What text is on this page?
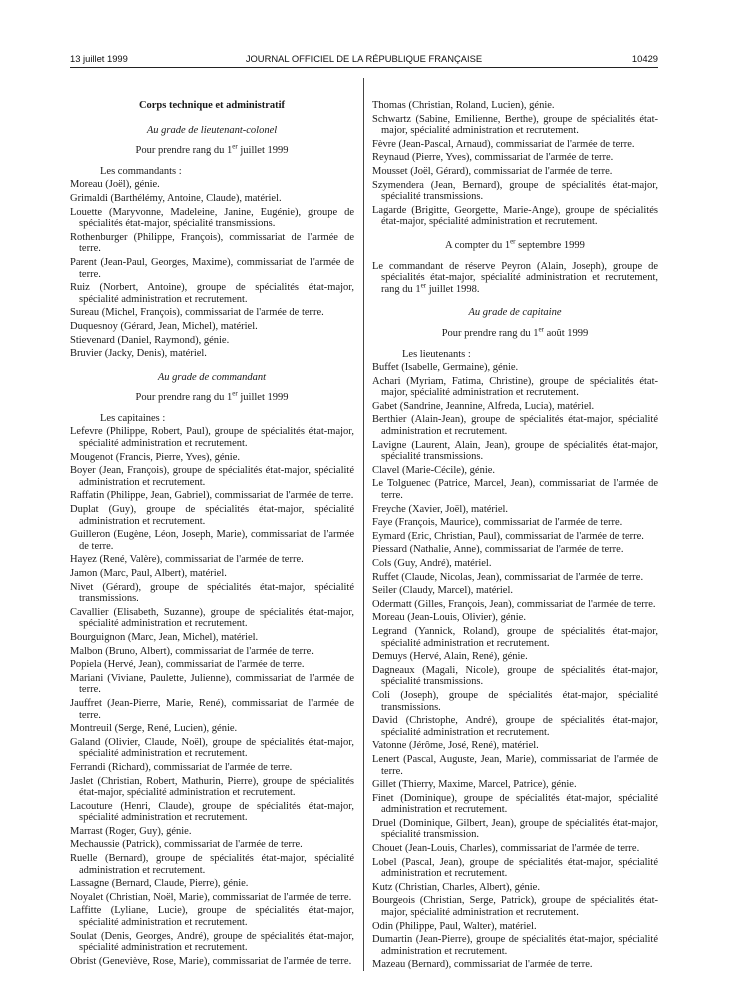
13 juillet 1999	JOURNAL OFFICIEL DE LA RÉPUBLIQUE FRANÇAISE	10429
Corps technique et administratif
Au grade de lieutenant-colonel
Pour prendre rang du 1er juillet 1999
Les commandants :
Moreau (Joël), génie.
Grimaldi (Barthélémy, Antoine, Claude), matériel.
Louette (Maryvonne, Madeleine, Janine, Eugénie), groupe de spécialités état-major, spécialité transmissions.
Rothenburger (Philippe, François), commissariat de l'armée de terre.
Parent (Jean-Paul, Georges, Maxime), commissariat de l'armée de terre.
Ruiz (Norbert, Antoine), groupe de spécialités état-major, spécialité administration et recrutement.
Sureau (Michel, François), commissariat de l'armée de terre.
Duquesnoy (Gérard, Jean, Michel), matériel.
Stievenard (Daniel, Raymond), génie.
Bruvier (Jacky, Denis), matériel.
Au grade de commandant
Pour prendre rang du 1er juillet 1999
Les capitaines :
Lefevre (Philippe, Robert, Paul), groupe de spécialités état-major, spécialité administration et recrutement.
Mougenot (Francis, Pierre, Yves), génie.
Boyer (Jean, François), groupe de spécialités état-major, spécialité administration et recrutement.
Raffatin (Philippe, Jean, Gabriel), commissariat de l'armée de terre.
Duplat (Guy), groupe de spécialités état-major, spécialité administration et recrutement.
Guilleron (Eugène, Léon, Joseph, Marie), commissariat de l'armée de terre.
Hayez (René, Valère), commissariat de l'armée de terre.
Jamon (Marc, Paul, Albert), matériel.
Nivet (Gérard), groupe de spécialités état-major, spécialité transmissions.
Cavallier (Elisabeth, Suzanne), groupe de spécialités état-major, spécialité administration et recrutement.
Bourguignon (Marc, Jean, Michel), matériel.
Malbon (Bruno, Albert), commissariat de l'armée de terre.
Popiela (Hervé, Jean), commissariat de l'armée de terre.
Mariani (Viviane, Paulette, Julienne), commissariat de l'armée de terre.
Jauffret (Jean-Pierre, Marie, René), commissariat de l'armée de terre.
Montreuil (Serge, René, Lucien), génie.
Galand (Olivier, Claude, Noël), groupe de spécialités état-major, spécialité administration et recrutement.
Ferrandi (Richard), commissariat de l'armée de terre.
Jaslet (Christian, Robert, Mathurin, Pierre), groupe de spécialités état-major, spécialité administration et recrutement.
Lacouture (Henri, Claude), groupe de spécialités état-major, spécialité administration et recrutement.
Marrast (Roger, Guy), génie.
Mechaussie (Patrick), commissariat de l'armée de terre.
Ruelle (Bernard), groupe de spécialités état-major, spécialité administration et recrutement.
Lassagne (Bernard, Claude, Pierre), génie.
Noyalet (Christian, Noël, Marie), commissariat de l'armée de terre.
Laffitte (Lyliane, Lucie), groupe de spécialités état-major, spécialité administration et recrutement.
Soulat (Denis, Georges, André), groupe de spécialités état-major, spécialité administration et recrutement.
Obrist (Geneviève, Rose, Marie), commissariat de l'armée de terre.
Thomas (Christian, Roland, Lucien), génie.
Schwartz (Sabine, Emilienne, Berthe), groupe de spécialités état-major, spécialité administration et recrutement.
Fèvre (Jean-Pascal, Arnaud), commissariat de l'armée de terre.
Reynaud (Pierre, Yves), commissariat de l'armée de terre.
Mousset (Joël, Gérard), commissariat de l'armée de terre.
Szymendera (Jean, Bernard), groupe de spécialités état-major, spécialité transmissions.
Lagarde (Brigitte, Georgette, Marie-Ange), groupe de spécialités état-major, spécialité administration et recrutement.
A compter du 1er septembre 1999
Le commandant de réserve Peyron (Alain, Joseph), groupe de spécialités état-major, spécialité administration et recrutement, rang du 1er juillet 1998.
Au grade de capitaine
Pour prendre rang du 1er août 1999
Les lieutenants :
Buffet (Isabelle, Germaine), génie.
Achari (Myriam, Fatima, Christine), groupe de spécialités état-major, spécialité administration et recrutement.
Gabet (Sandrine, Jeannine, Alfreda, Lucia), matériel.
Berthier (Alain-Jean), groupe de spécialités état-major, spécialité administration et recrutement.
Lavigne (Laurent, Alain, Jean), groupe de spécialités état-major, spécialité transmissions.
Clavel (Marie-Cécile), génie.
Le Tolguenec (Patrice, Marcel, Jean), commissariat de l'armée de terre.
Freyche (Xavier, Joël), matériel.
Faye (François, Maurice), commissariat de l'armée de terre.
Eymard (Eric, Christian, Paul), commissariat de l'armée de terre.
Piessard (Nathalie, Anne), commissariat de l'armée de terre.
Cols (Guy, André), matériel.
Ruffet (Claude, Nicolas, Jean), commissariat de l'armée de terre.
Seiler (Claudy, Marcel), matériel.
Odermatt (Gilles, François, Jean), commissariat de l'armée de terre.
Moreau (Jean-Louis, Olivier), génie.
Legrand (Yannick, Roland), groupe de spécialités état-major, spécialité administration et recrutement.
Demuys (Hervé, Alain, René), génie.
Dagneaux (Magali, Nicole), groupe de spécialités état-major, spécialité transmissions.
Coli (Joseph), groupe de spécialités état-major, spécialité transmissions.
David (Christophe, André), groupe de spécialités état-major, spécialité administration et recrutement.
Vatonne (Jérôme, José, René), matériel.
Lenert (Pascal, Auguste, Jean, Marie), commissariat de l'armée de terre.
Gillet (Thierry, Maxime, Marcel, Patrice), génie.
Finet (Dominique), groupe de spécialités état-major, spécialité administration et recrutement.
Druel (Dominique, Gilbert, Jean), groupe de spécialités état-major, spécialité transmission.
Chouet (Jean-Louis, Charles), commissariat de l'armée de terre.
Lobel (Pascal, Jean), groupe de spécialités état-major, spécialité administration et recrutement.
Kutz (Christian, Charles, Albert), génie.
Bourgeois (Christian, Serge, Patrick), groupe de spécialités état-major, spécialité administration et recrutement.
Odin (Philippe, Paul, Walter), matériel.
Dumartin (Jean-Pierre), groupe de spécialités état-major, spécialité administration et recrutement.
Mazeau (Bernard), commissariat de l'armée de terre.
